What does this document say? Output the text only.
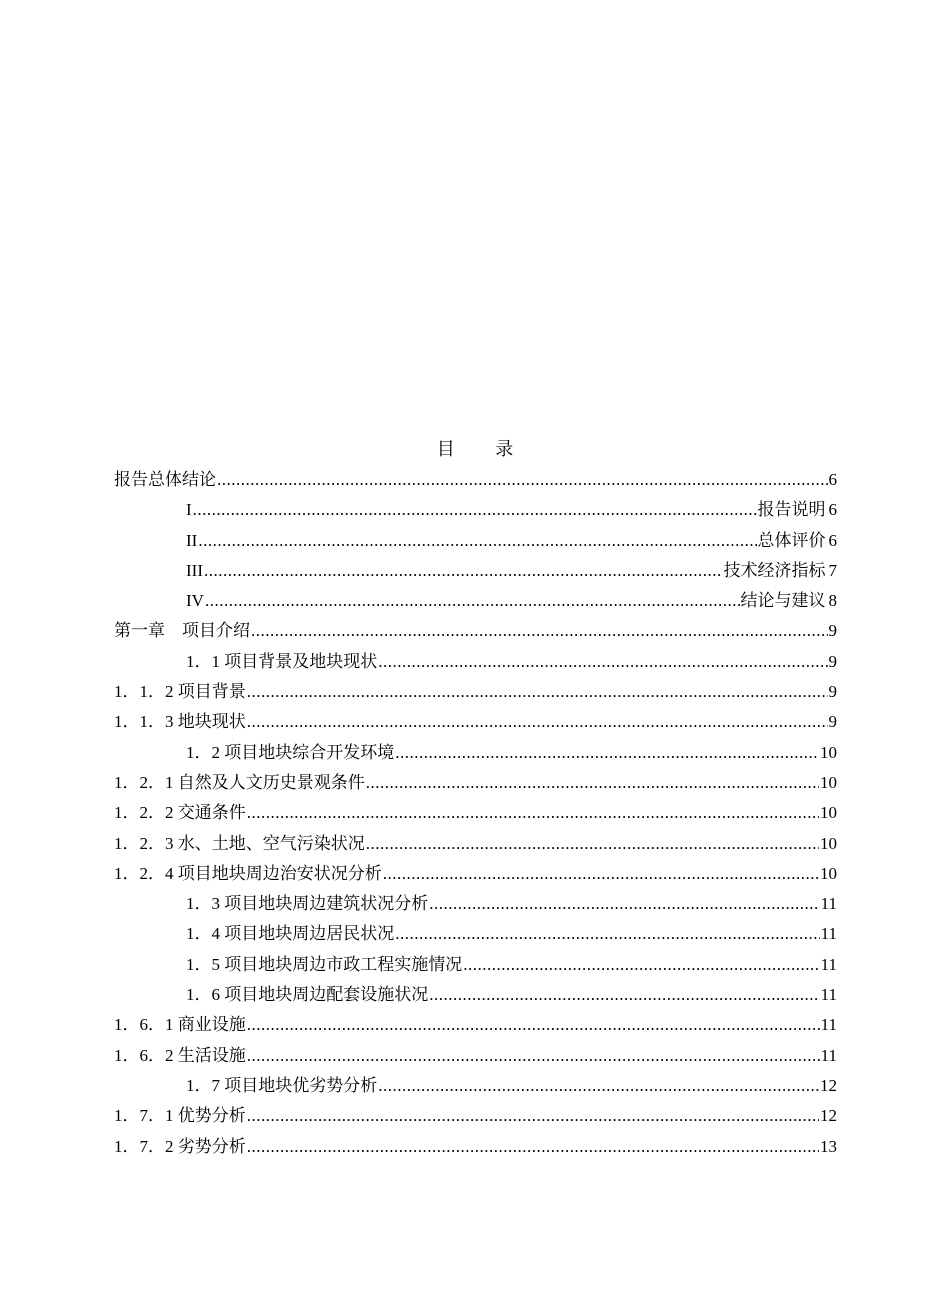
目 录
报告总体结论 .....	6
I .....	报告说明 6
II .....	总体评价 6
III .....	技术经济指标 7
IV .....	结论与建议 8
第一章　项目介绍 .....	9
1．1 项目背景及地块现状 .....	9
1．1．2 项目背景 .....	9
1．1．3 地块现状 .....	9
1．2 项目地块综合开发环境 .....	10
1．2．1 自然及人文历史景观条件 .....	10
1．2．2 交通条件 .....	10
1．2．3 水、土地、空气污染状况 .....	10
1．2．4 项目地块周边治安状况分析 .....	10
1．3 项目地块周边建筑状况分析 .....	11
1．4 项目地块周边居民状况 .....	11
1．5 项目地块周边市政工程实施情况 .....	11
1．6 项目地块周边配套设施状况 .....	11
1．6．1 商业设施 .....	11
1．6．2 生活设施 .....	11
1．7 项目地块优劣势分析 .....	12
1．7．1 优势分析 .....	12
1．7．2 劣势分析 .....	13
